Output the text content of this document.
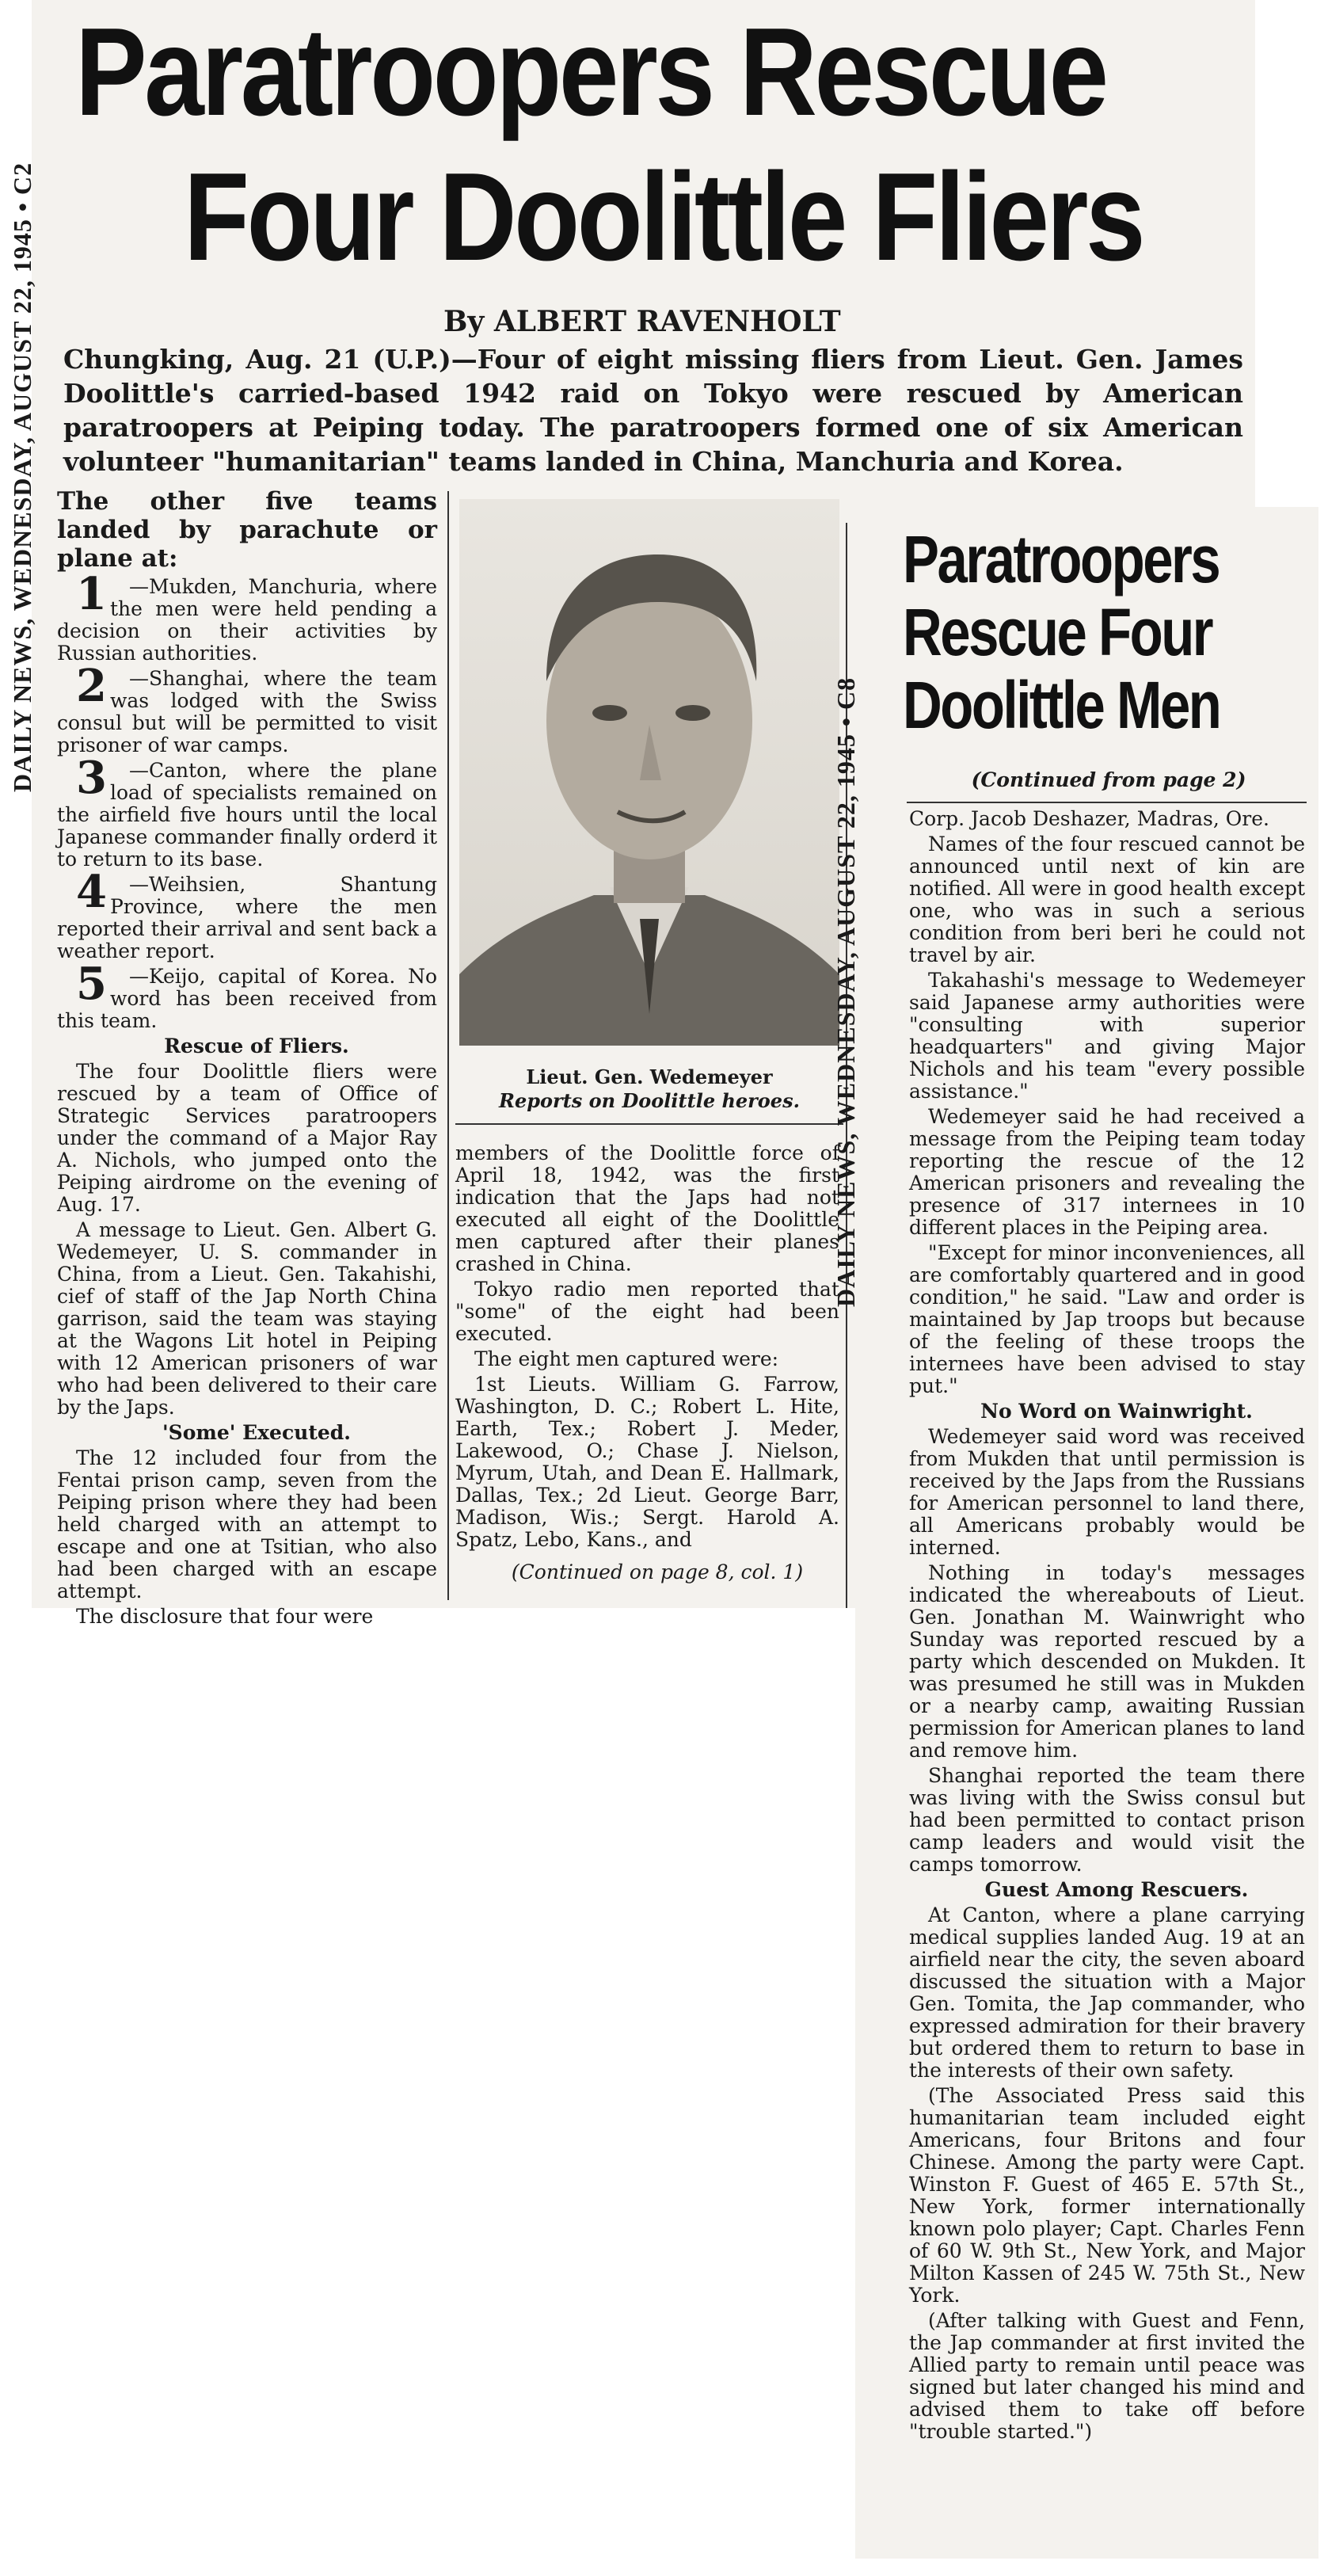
DAILY NEWS, WEDNESDAY, AUGUST 22, 1945 • C2
Paratroopers Rescue
Four Doolittle Fliers
By ALBERT RAVENHOLT
Chungking, Aug. 21 (U.P.)—Four of eight missing fliers from Lieut. Gen. James Doolittle's carried-based 1942 raid on Tokyo were rescued by American paratroopers at Peiping today. The paratroopers formed one of six American volunteer "humanitarian" teams landed in China, Manchuria and Korea.

The other five teams landed by parachute or plane at:

1 —Mukden, Manchuria, where the men were held pending a decision on their activities by Russian authorities.

2 —Shanghai, where the team was lodged with the Swiss consul but will be permitted to visit prisoner of war camps.

3 —Canton, where the plane load of specialists remained on the airfield five hours until the local Japanese commander finally orderd it to return to its base.

4 —Weihsien, Shantung Province, where the men reported their arrival and sent back a weather report.

5 —Keijo, capital of Korea. No word has been received from this team.

Rescue of Fliers.

The four Doolittle fliers were rescued by a team of Office of Strategic Services paratroopers under the command of a Major Ray A. Nichols, who jumped onto the Peiping airdrome on the evening of Aug. 17.

A message to Lieut. Gen. Albert G. Wedemeyer, U. S. commander in China, from a Lieut. Gen. Takahishi, cief of staff of the Jap North China garrison, said the team was staying at the Wagons Lit hotel in Peiping with 12 American prisoners of war who had been delivered to their care by the Japs.

'Some' Executed.

The 12 included four from the Fentai prison camp, seven from the Peiping prison where they had been held charged with an attempt to escape and one at Tsitian, who also had been charged with an escape attempt.

The disclosure that four were

Lieut. Gen. Wedemeyer
Reports on Doolittle heroes.

members of the Doolittle force of April 18, 1942, was the first indication that the Japs had not executed all eight of the Doolittle men captured after their planes crashed in China.

Tokyo radio men reported that "some" of the eight had been executed.

The eight men captured were:

1st Lieuts. William G. Farrow, Washington, D. C.; Robert L. Hite, Earth, Tex.; Robert J. Meder, Lakewood, O.; Chase J. Nielson, Myrum, Utah, and Dean E. Hallmark, Dallas, Tex.; 2d Lieut. George Barr, Madison, Wis.; Sergt. Harold A. Spatz, Lebo, Kans., and

(Continued on page 8, col. 1)
DAILY NEWS, WEDNESDAY, AUGUST 22, 1945 • C8
Paratroopers
Rescue Four
Doolittle Men
(Continued from page 2)

Corp. Jacob Deshazer, Madras, Ore.

Names of the four rescued cannot be announced until next of kin are notified. All were in good health except one, who was in such a serious condition from beri beri he could not travel by air.

Takahashi's message to Wedemeyer said Japanese army authorities were "consulting with superior headquarters" and giving Major Nichols and his team "every possible assistance."

Wedemeyer said he had received a message from the Peiping team today reporting the rescue of the 12 American prisoners and revealing the presence of 317 internees in 10 different places in the Peiping area.

"Except for minor inconveniences, all are comfortably quartered and in good condition," he said. "Law and order is maintained by Jap troops but because of the feeling of these troops the internees have been advised to stay put."

No Word on Wainwright.

Wedemeyer said word was received from Mukden that until permission is received by the Japs from the Russians for American personnel to land there, all Americans probably would be interned.

Nothing in today's messages indicated the whereabouts of Lieut. Gen. Jonathan M. Wainwright who Sunday was reported rescued by a party which descended on Mukden. It was presumed he still was in Mukden or a nearby camp, awaiting Russian permission for American planes to land and remove him.

Shanghai reported the team there was living with the Swiss consul but had been permitted to contact prison camp leaders and would visit the camps tomorrow.

Guest Among Rescuers.

At Canton, where a plane carrying medical supplies landed Aug. 19 at an airfield near the city, the seven aboard discussed the situation with a Major Gen. Tomita, the Jap commander, who expressed admiration for their bravery but ordered them to return to base in the interests of their own safety.

(The Associated Press said this humanitarian team included eight Americans, four Britons and four Chinese. Among the party were Capt. Winston F. Guest of 465 E. 57th St., New York, former internationally known polo player; Capt. Charles Fenn of 60 W. 9th St., New York, and Major Milton Kassen of 245 W. 75th St., New York.

(After talking with Guest and Fenn, the Jap commander at first invited the Allied party to remain until peace was signed but later changed his mind and advised them to take off before "trouble started.")
